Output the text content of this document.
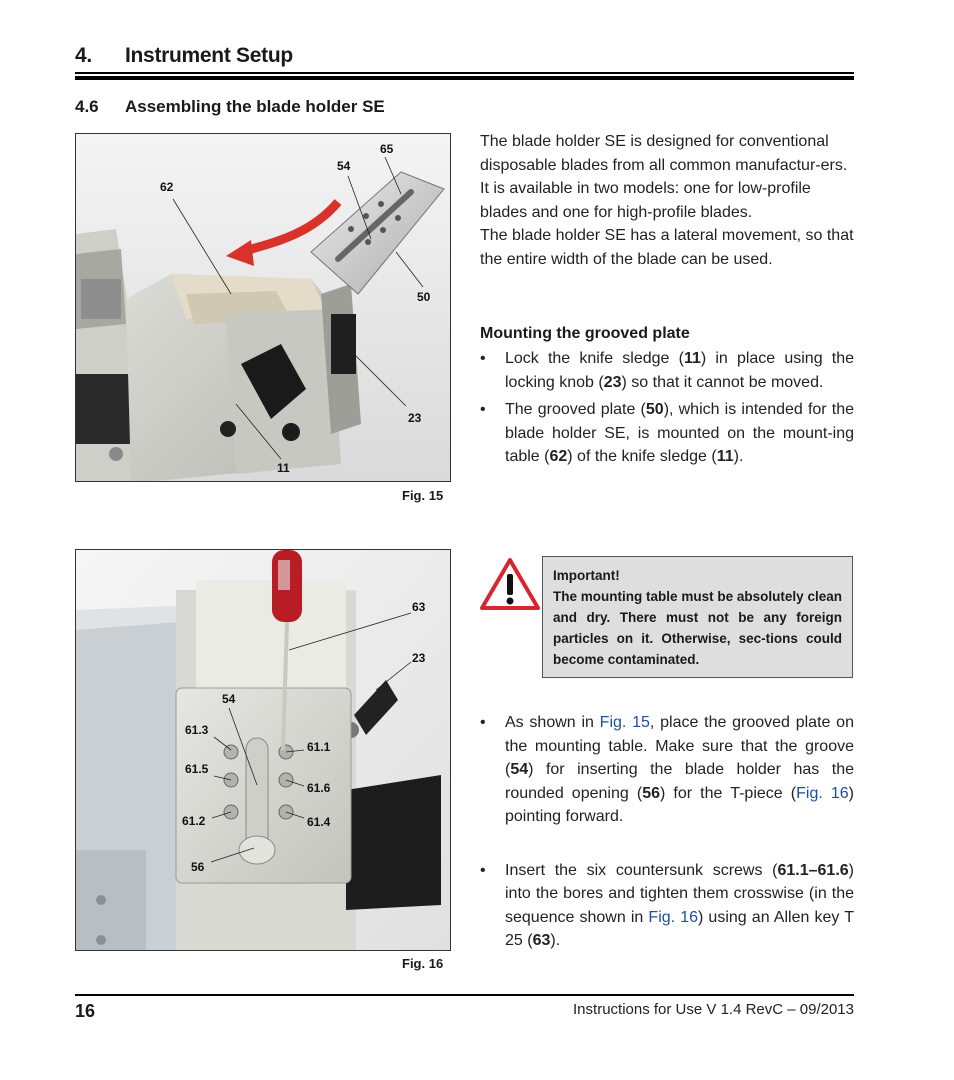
4. Instrument Setup
4.6 Assembling the blade holder SE
65
54
62
50
23
11
Fig. 15

The blade holder SE is designed for conventional disposable blades from all common manufactur-ers.

It is available in two models: one for low-profile blades and one for high-profile blades.

The blade holder SE has a lateral movement, so that the entire width of the blade can be used.

Mounting the grooved plate
• Lock the knife sledge (11) in place using the locking knob (23) so that it cannot be moved.
• The grooved plate (50), which is intended for the blade holder SE, is mounted on the mount-ing table (62) of the knife sledge (11).
63
23
54
61.3
61.1
61.5
61.6
61.2	61.4
56
Fig. 16

Important!

The mounting table must be absolutely clean and dry. There must not be any foreign particles on it. Otherwise, sec-tions could become contaminated.

• As shown in Fig. 15, place the grooved plate on the mounting table. Make sure that the groove (54) for inserting the blade holder has the rounded opening (56) for the T-piece (Fig. 16) pointing forward.
• Insert the six countersunk screws (61.1–61.6) into the bores and tighten them crosswise (in the sequence shown in Fig. 16) using an Allen key T 25 (63).
16	Instructions for Use V 1.4 RevC – 09/2013
